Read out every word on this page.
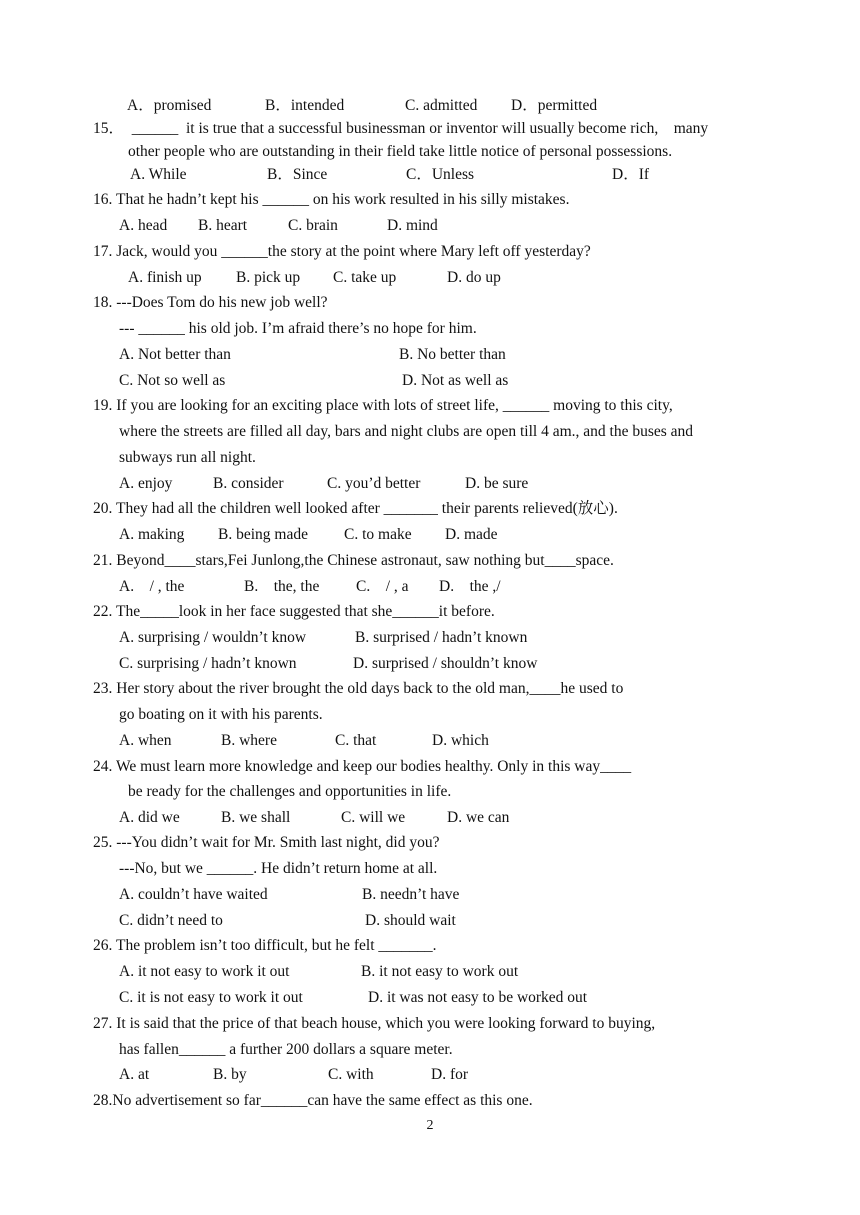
A．promised	B．intended	C. admitted D．permitted
15．  ______  it is true that a successful businessman or inventor will usually become rich,    many
other people who are outstanding in their field take little notice of personal possessions.
A. While	B．Since	C．Unless	D．If
16. That he hadn’t kept his ______ on his work resulted in his silly mistakes.
A. head B. heart	C. brain	D. mind
17. Jack, would you ______the story at the point where Mary left off yesterday?
A. finish up B. pick up C. take up	D. do up
18. ---Does Tom do his new job well?
--- ______ his old job. I’m afraid there’s no hope for him.
A. Not better than	B. No better than
C. Not so well as	D. Not as well as
19. If you are looking for an exciting place with lots of street life, ______ moving to this city,
where the streets are filled all day, bars and night clubs are open till 4 am., and the buses and
subways run all night.
A. enjoy	B. consider	C. you’d better	D. be sure
20. They had all the children well looked after _______ their parents relieved(放心).
A. making B. being made C. to make D. made
21. Beyond____stars,Fei Junlong,the Chinese astronaut, saw nothing but____space.
A.    / , the	B.    the, the C.    / , a D.    the ,/
22. The_____look in her face suggested that she______it before.
A. surprising / wouldn’t know	B. surprised / hadn’t known
C. surprising / hadn’t known	D. surprised / shouldn’t know
23. Her story about the river brought the old days back to the old man,____he used to
go boating on it with his parents.
A. when	B. where	C. that	D. which
24. We must learn more knowledge and keep our bodies healthy. Only in this way____
be ready for the challenges and opportunities in life.
A. did we	B. we shall	C. will we	D. we can
25. ---You didn’t wait for Mr. Smith last night, did you?
---No, but we ______. He didn’t return home at all.
A. couldn’t have waited	B. needn’t have
C. didn’t need to	D. should wait
26. The problem isn’t too difficult, but he felt _______.
A. it not easy to work it out	B. it not easy to work out
C. it is not easy to work it out	D. it was not easy to be worked out
27. It is said that the price of that beach house, which you were looking forward to buying,
has fallen______ a further 200 dollars a square meter.
A. at	B. by	C. with	D. for
28.No advertisement so far______can have the same effect as this one.
2
